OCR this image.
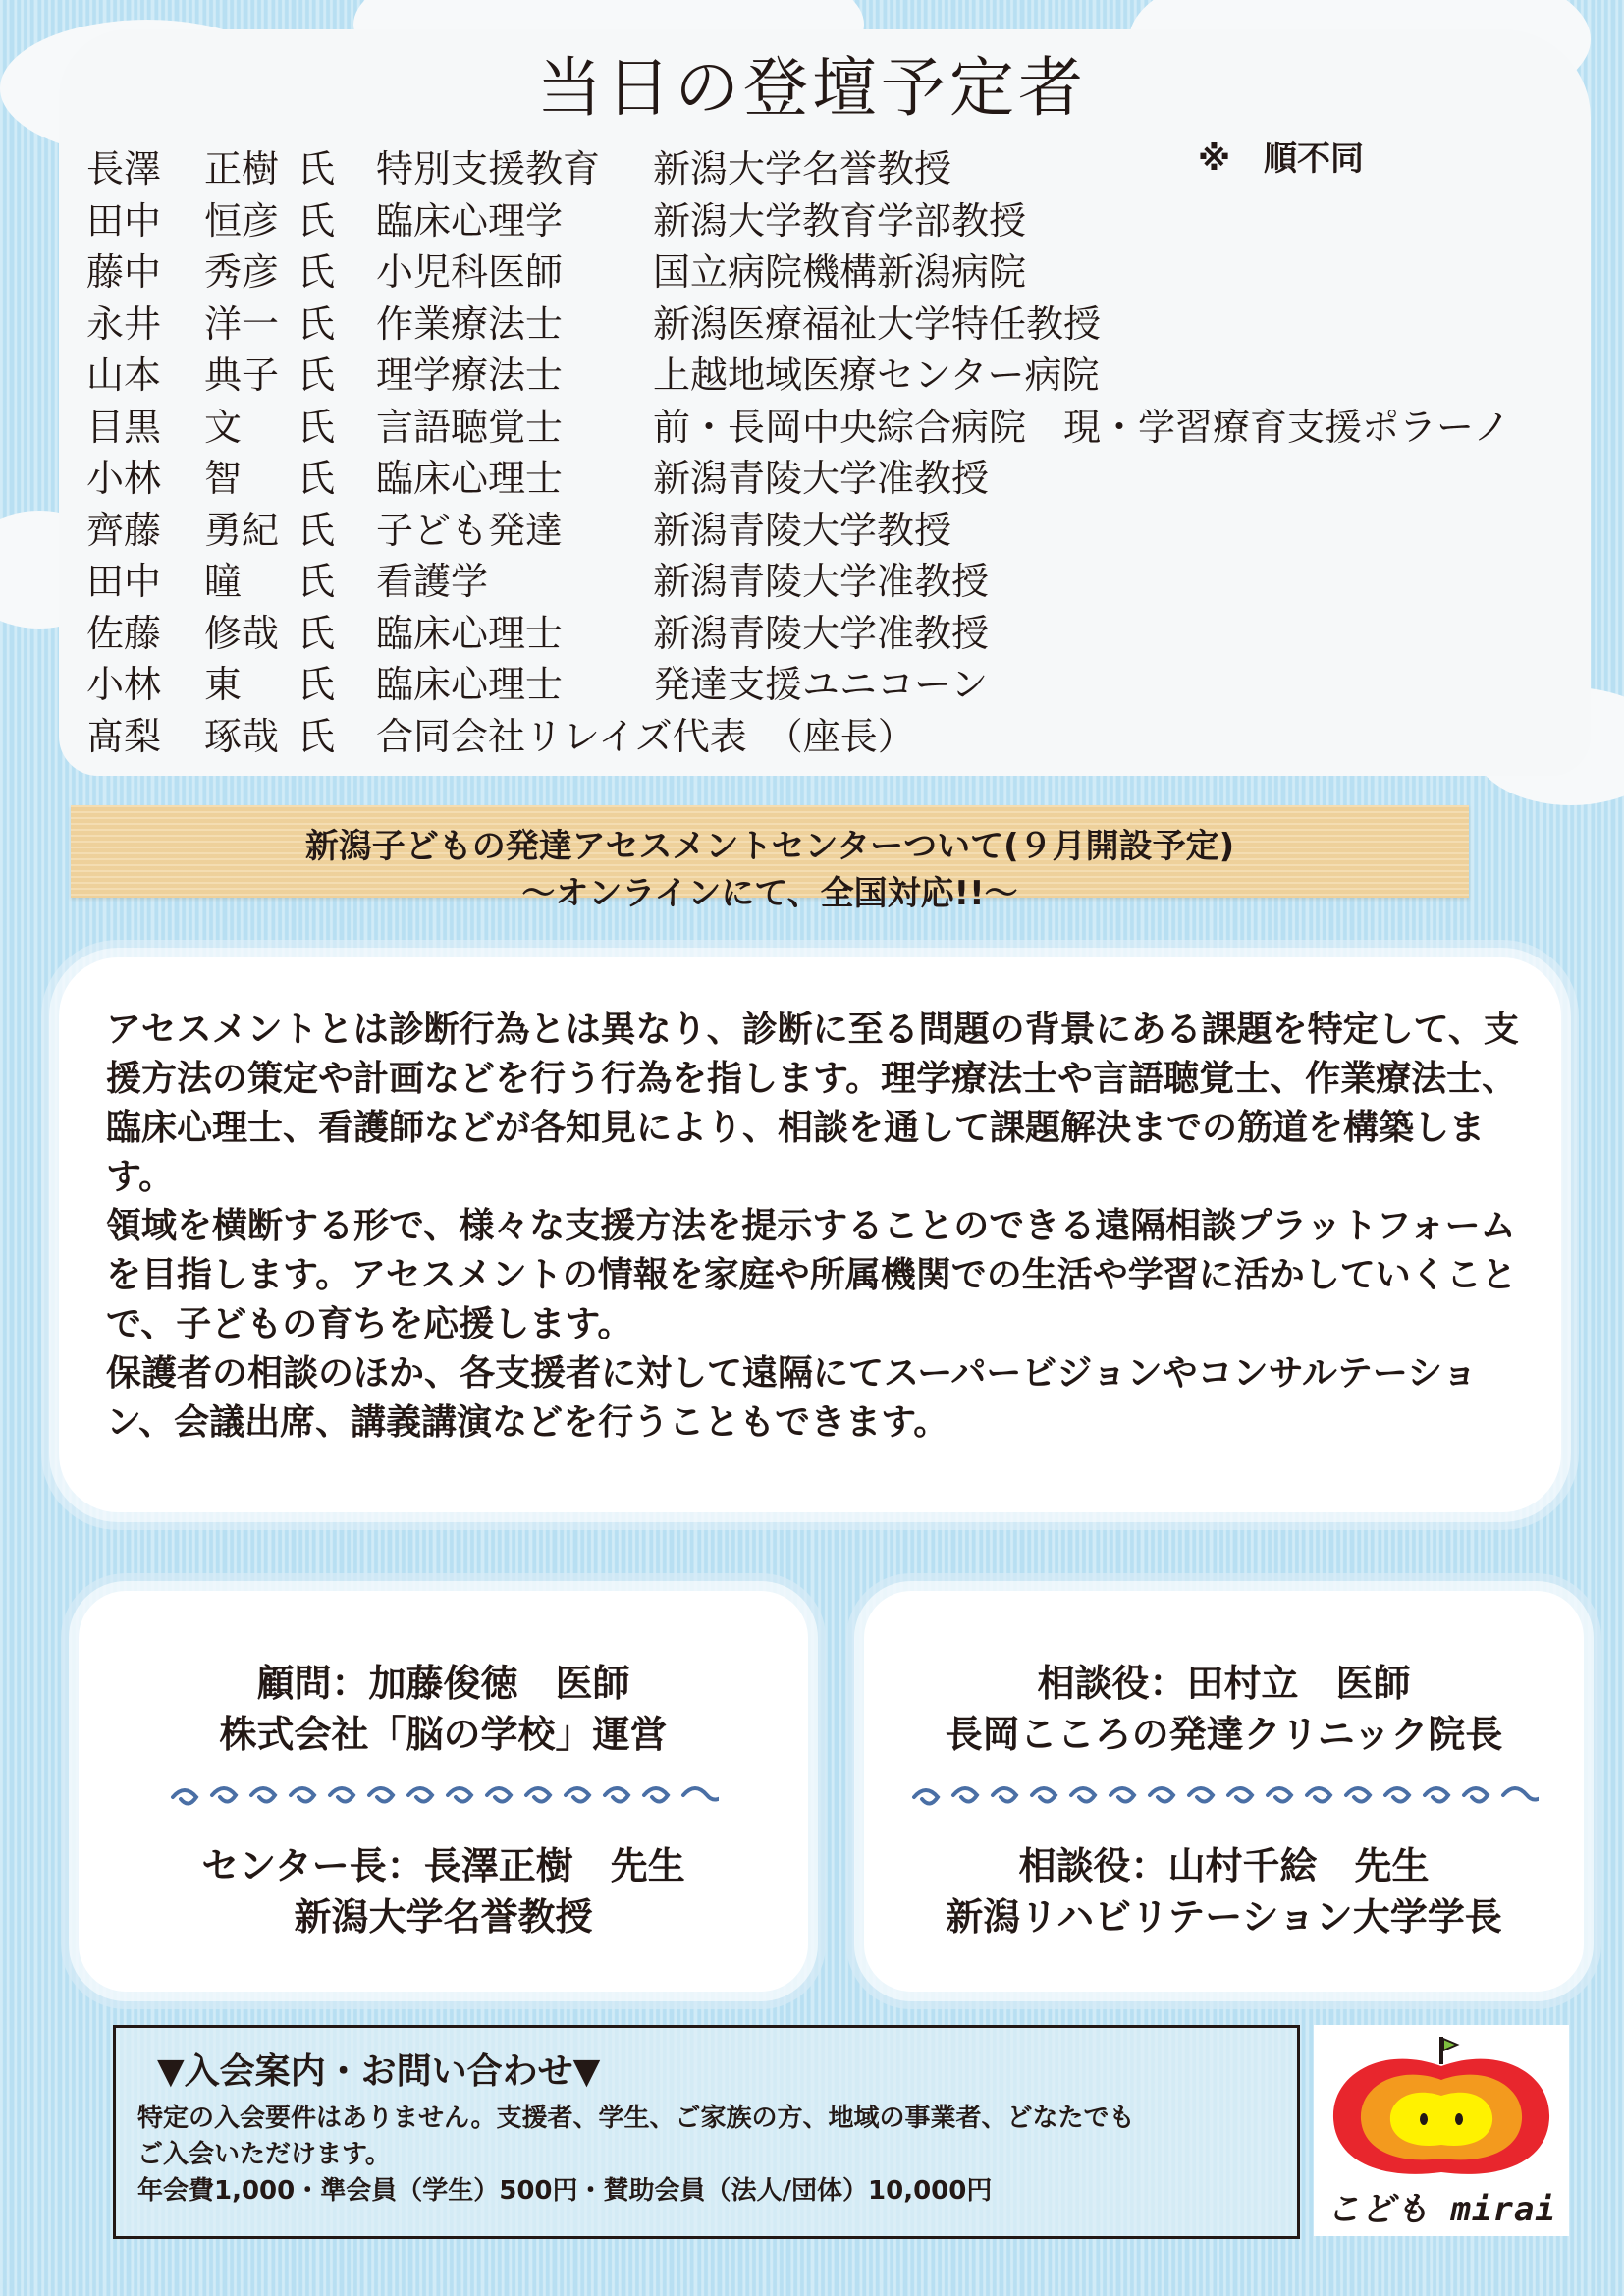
当日の登壇予定者
※　順不同
長澤 正樹 氏 特別支援教育 新潟大学名誉教授
田中 恒彦 氏 臨床心理学 新潟大学教育学部教授
藤中 秀彦 氏 小児科医師 国立病院機構新潟病院
永井 洋一 氏 作業療法士 新潟医療福祉大学特任教授
山本 典子 氏 理学療法士 上越地域医療センター病院
目黒 文 氏 言語聴覚士 前・長岡中央綜合病院　現・学習療育支援ポラーノ
小林 智 氏 臨床心理士 新潟青陵大学准教授
齊藤 勇紀 氏 子ども発達 新潟青陵大学教授
田中 瞳 氏 看護学	新潟青陵大学准教授
佐藤 修哉 氏 臨床心理士 新潟青陵大学准教授
小林 東 氏 臨床心理士 発達支援ユニコーン
髙梨 琢哉 氏 合同会社リレイズ代表　（座長）
新潟子どもの発達アセスメントセンターついて(９月開設予定)
～オンラインにて、全国対応!!～

アセスメントとは診断行為とは異なり、診断に至る問題の背景にある課題を特定して、支援方法の策定や計画などを行う行為を指します。理学療法士や言語聴覚士、作業療法士、臨床心理士、看護師などが各知見により、相談を通して課題解決までの筋道を構築します。

領域を横断する形で、様々な支援方法を提示することのできる遠隔相談プラットフォームを目指します。アセスメントの情報を家庭や所属機関での生活や学習に活かしていくことで、子どもの育ちを応援します。

保護者の相談のほか、各支援者に対して遠隔にてスーパービジョンやコンサルテーション、会議出席、講義講演などを行うこともできます。

顧問：加藤俊徳　医師
株式会社「脳の学校」運営
センター長：長澤正樹　先生
新潟大学名誉教授
相談役：田村立　医師
長岡こころの発達クリニック院長
相談役：山村千絵　先生
新潟リハビリテーション大学学長
▼入会案内・お問い合わせ▼

特定の入会要件はありません。支援者、学生、ご家族の方、地域の事業者、どなたでも

ご入会いただけます。

年会費1,000・準会員（学生）500円・賛助会員（法人/団体）10,000円	こども mirai
